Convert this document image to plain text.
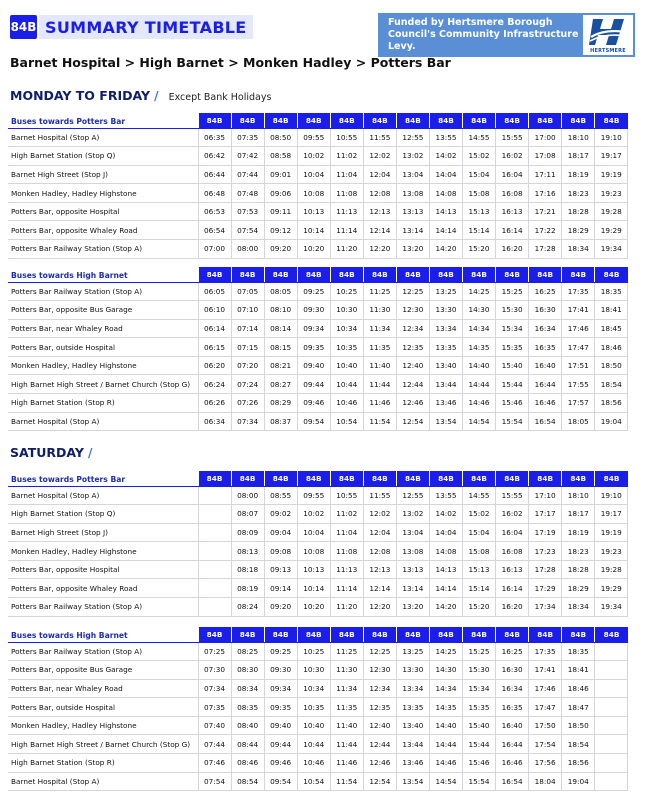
84B SUMMARY TIMETABLE	Funded by Hertsmere Borough Council's Community Infrastructure Levy.	HERTSMERE
Barnet Hospital > High Barnet > Monken Hadley > Potters Bar
MONDAY TO FRIDAY / Except Bank Holidays
Buses towards Potters Bar	84B	84B	84B	84B	84B	84B	84B	84B	84B	84B	84B	84B	84B
Barnet Hospital (Stop A)	06:35	07:35	08:50	09:55	10:55	11:55	12:55	13:55	14:55	15:55	17:00	18:10	19:10
High Barnet Station (Stop Q)	06:42	07:42	08:58	10:02	11:02	12:02	13:02	14:02	15:02	16:02	17:08	18:17	19:17
Barnet High Street (Stop J)	06:44	07:44	09:01	10:04	11:04	12:04	13:04	14:04	15:04	16:04	17:11	18:19	19:19
Monken Hadley, Hadley Highstone	06:48	07:48	09:06	10:08	11:08	12:08	13:08	14:08	15:08	16:08	17:16	18:23	19:23
Potters Bar, opposite Hospital	06:53	07:53	09:11	10:13	11:13	12:13	13:13	14:13	15:13	16:13	17:21	18:28	19:28
Potters Bar, opposite Whaley Road	06:54	07:54	09:12	10:14	11:14	12:14	13:14	14:14	15:14	16:14	17:22	18:29	19:29
Potters Bar Railway Station (Stop A)	07:00	08:00	09:20	10:20	11:20	12:20	13:20	14:20	15:20	16:20	17:28	18:34	19:34
Buses towards High Barnet	84B	84B	84B	84B	84B	84B	84B	84B	84B	84B	84B	84B	84B
Potters Bar Railway Station (Stop A)	06:05	07:05	08:05	09:25	10:25	11:25	12:25	13:25	14:25	15:25	16:25	17:35	18:35
Potters Bar, opposite Bus Garage	06:10	07:10	08:10	09:30	10:30	11:30	12:30	13:30	14:30	15:30	16:30	17:41	18:41
Potters Bar, near Whaley Road	06:14	07:14	08:14	09:34	10:34	11:34	12:34	13:34	14:34	15:34	16:34	17:46	18:45
Potters Bar, outside Hospital	06:15	07:15	08:15	09:35	10:35	11:35	12:35	13:35	14:35	15:35	16:35	17:47	18:46
Monken Hadley, Hadley Highstone	06:20	07:20	08:21	09:40	10:40	11:40	12:40	13:40	14:40	15:40	16:40	17:51	18:50
High Barnet High Street / Barnet Church (Stop G)	06:24	07:24	08:27	09:44	10:44	11:44	12:44	13:44	14:44	15:44	16:44	17:55	18:54
High Barnet Station (Stop R)	06:26	07:26	08:29	09:46	10:46	11:46	12:46	13:46	14:46	15:46	16:46	17:57	18:56
Barnet Hospital (Stop A)	06:34	07:34	08:37	09:54	10:54	11:54	12:54	13:54	14:54	15:54	16:54	18:05	19:04
SATURDAY /
Buses towards Potters Bar	84B	84B	84B	84B	84B	84B	84B	84B	84B	84B	84B	84B	84B
Barnet Hospital (Stop A)		08:00	08:55	09:55	10:55	11:55	12:55	13:55	14:55	15:55	17:10	18:10	19:10
High Barnet Station (Stop Q)		08:07	09:02	10:02	11:02	12:02	13:02	14:02	15:02	16:02	17:17	18:17	19:17
Barnet High Street (Stop J)		08:09	09:04	10:04	11:04	12:04	13:04	14:04	15:04	16:04	17:19	18:19	19:19
Monken Hadley, Hadley Highstone		08:13	09:08	10:08	11:08	12:08	13:08	14:08	15:08	16:08	17:23	18:23	19:23
Potters Bar, opposite Hospital		08:18	09:13	10:13	11:13	12:13	13:13	14:13	15:13	16:13	17:28	18:28	19:28
Potters Bar, opposite Whaley Road		08:19	09:14	10:14	11:14	12:14	13:14	14:14	15:14	16:14	17:29	18:29	19:29
Potters Bar Railway Station (Stop A)		08:24	09:20	10:20	11:20	12:20	13:20	14:20	15:20	16:20	17:34	18:34	19:34
Buses towards High Barnet	84B	84B	84B	84B	84B	84B	84B	84B	84B	84B	84B	84B	84B
Potters Bar Railway Station (Stop A)	07:25	08:25	09:25	10:25	11:25	12:25	13:25	14:25	15:25	16:25	17:35	18:35	
Potters Bar, opposite Bus Garage	07:30	08:30	09:30	10:30	11:30	12:30	13:30	14:30	15:30	16:30	17:41	18:41	
Potters Bar, near Whaley Road	07:34	08:34	09:34	10:34	11:34	12:34	13:34	14:34	15:34	16:34	17:46	18:46	
Potters Bar, outside Hospital	07:35	08:35	09:35	10:35	11:35	12:35	13:35	14:35	15:35	16:35	17:47	18:47	
Monken Hadley, Hadley Highstone	07:40	08:40	09:40	10:40	11:40	12:40	13:40	14:40	15:40	16:40	17:50	18:50	
High Barnet High Street / Barnet Church (Stop G)	07:44	08:44	09:44	10:44	11:44	12:44	13:44	14:44	15:44	16:44	17:54	18:54	
High Barnet Station (Stop R)	07:46	08:46	09:46	10:46	11:46	12:46	13:46	14:46	15:46	16:46	17:56	18:56	
Barnet Hospital (Stop A)	07:54	08:54	09:54	10:54	11:54	12:54	13:54	14:54	15:54	16:54	18:04	19:04	
